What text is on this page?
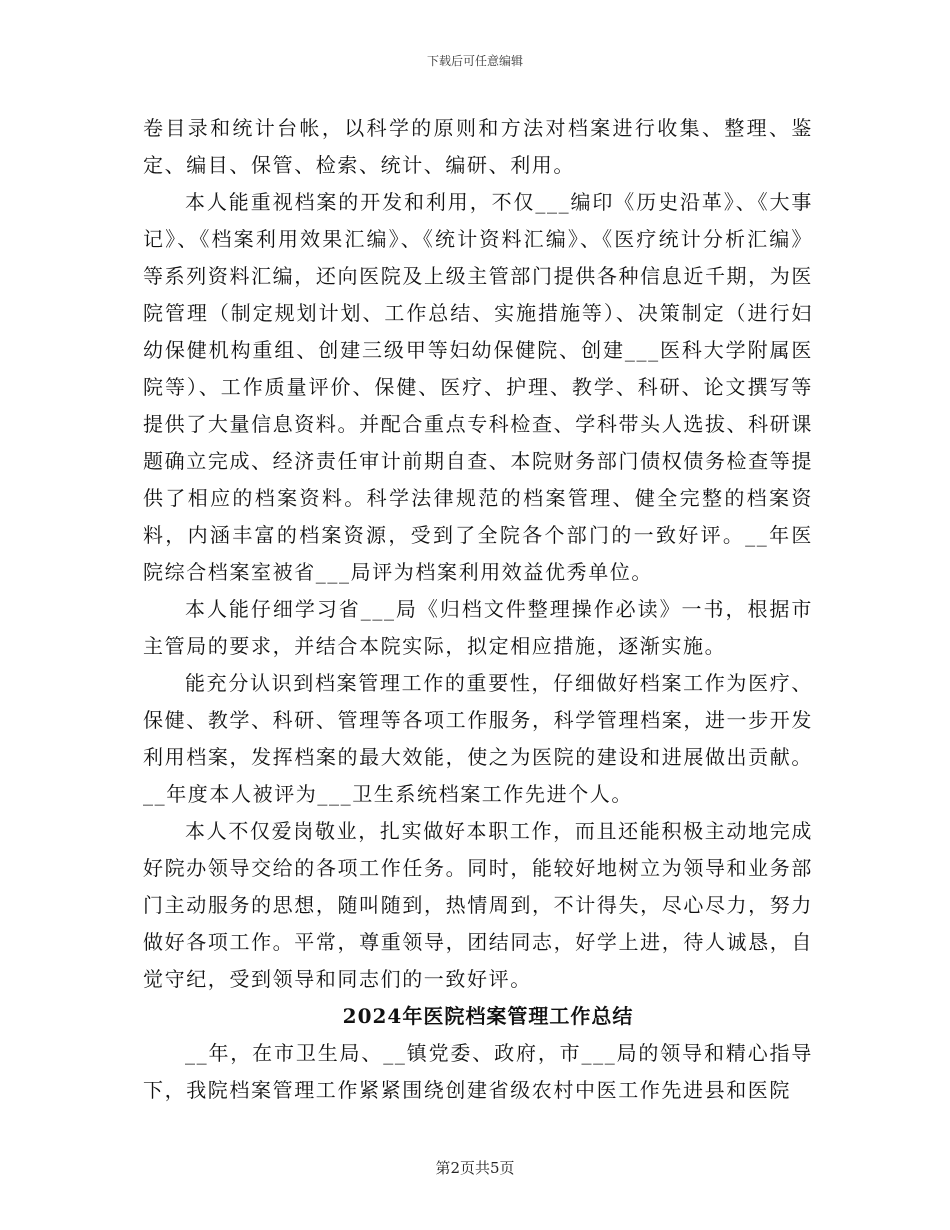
下载后可任意编辑

卷目录和统计台帐，以科学的原则和方法对档案进行收集、整理、鉴定、编目、保管、检索、统计、编研、利用。

本人能重视档案的开发和利用，不仅___编印《历史沿革》、《大事记》、《档案利用效果汇编》、《统计资料汇编》、《医疗统计分析汇编》等系列资料汇编，还向医院及上级主管部门提供各种信息近千期，为医院管理（制定规划计划、工作总结、实施措施等）、决策制定（进行妇幼保健机构重组、创建三级甲等妇幼保健院、创建___医科大学附属医院等）、工作质量评价、保健、医疗、护理、教学、科研、论文撰写等提供了大量信息资料。并配合重点专科检查、学科带头人选拔、科研课题确立完成、经济责任审计前期自查、本院财务部门债权债务检查等提供了相应的档案资料。科学法律规范的档案管理、健全完整的档案资料，内涵丰富的档案资源，受到了全院各个部门的一致好评。__年医院综合档案室被省___局评为档案利用效益优秀单位。

本人能仔细学习省___局《归档文件整理操作必读》一书，根据市主管局的要求，并结合本院实际，拟定相应措施，逐渐实施。

能充分认识到档案管理工作的重要性，仔细做好档案工作为医疗、保健、教学、科研、管理等各项工作服务，科学管理档案，进一步开发利用档案，发挥档案的最大效能，使之为医院的建设和进展做出贡献。__年度本人被评为___卫生系统档案工作先进个人。

本人不仅爱岗敬业，扎实做好本职工作，而且还能积极主动地完成好院办领导交给的各项工作任务。同时，能较好地树立为领导和业务部门主动服务的思想，随叫随到，热情周到，不计得失，尽心尽力，努力做好各项工作。平常，尊重领导，团结同志，好学上进，待人诚恳，自觉守纪，受到领导和同志们的一致好评。

2024年医院档案管理工作总结

__年，在市卫生局、__镇党委、政府，市___局的领导和精心指导下，我院档案管理工作紧紧围绕创建省级农村中医工作先进县和医院

第2页共5页
